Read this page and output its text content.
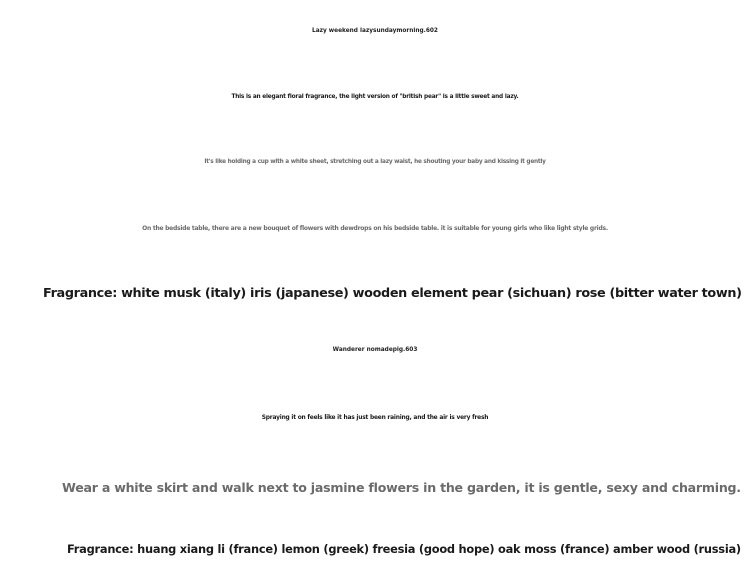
Lazy weekend lazysundaymorning.602
This is an elegant floral fragrance, the light version of "british pear" is a little sweet and lazy.
It's like holding a cup with a white sheet, stretching out a lazy waist, he shouting your baby and kissing it gently
On the bedside table, there are a new bouquet of flowers with dewdrops on his bedside table. it is suitable for young girls who like light style grids.
Fragrance: white musk (italy) iris (japanese) wooden element pear (sichuan) rose (bitter water town)
Wanderer nomadepig.603
Spraying it on feels like it has just been raining, and the air is very fresh
Wear a white skirt and walk next to jasmine flowers in the garden, it is gentle, sexy and charming.
Fragrance: huang xiang li (france) lemon (greek) freesia (good hope) oak moss (france) amber wood (russia)
